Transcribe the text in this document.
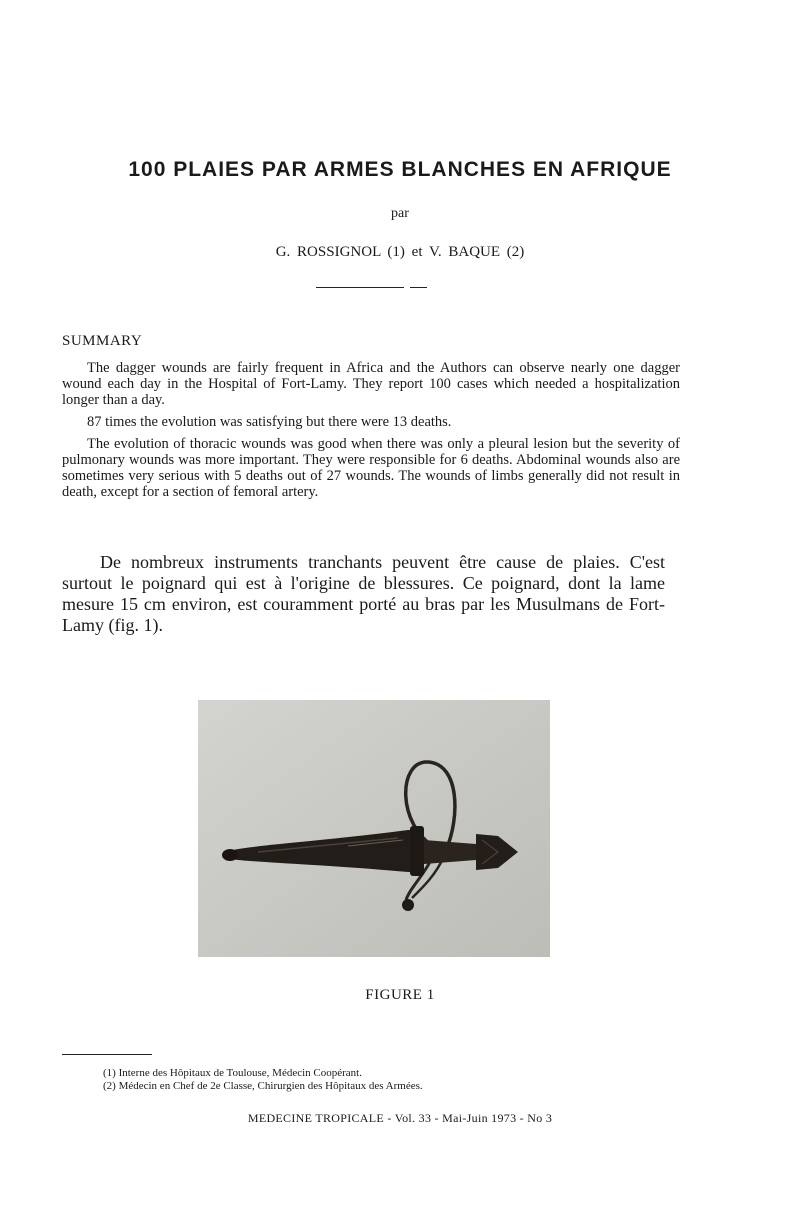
100 PLAIES PAR ARMES BLANCHES EN AFRIQUE
par
G. ROSSIGNOL (1) et V. BAQUE (2)
SUMMARY

The dagger wounds are fairly frequent in Africa and the Authors can observe nearly one dagger wound each day in the Hospital of Fort-Lamy. They report 100 cases which needed a hospitalization longer than a day.

87 times the evolution was satisfying but there were 13 deaths.

The evolution of thoracic wounds was good when there was only a pleural lesion but the severity of pulmonary wounds was more important. They were responsible for 6 deaths. Abdominal wounds also are sometimes very serious with 5 deaths out of 27 wounds. The wounds of limbs generally did not result in death, except for a section of femoral artery.

De nombreux instruments tranchants peuvent être cause de plaies. C'est surtout le poignard qui est à l'origine de blessures. Ce poignard, dont la lame mesure 15 cm environ, est couramment porté au bras par les Musulmans de Fort-Lamy (fig. 1).

FIGURE 1
(1) Interne des Hôpitaux de Toulouse, Médecin Coopérant.
(2) Médecin en Chef de 2e Classe, Chirurgien des Hôpitaux des Armées.
MEDECINE TROPICALE - Vol. 33 - Mai-Juin 1973 - No 3
